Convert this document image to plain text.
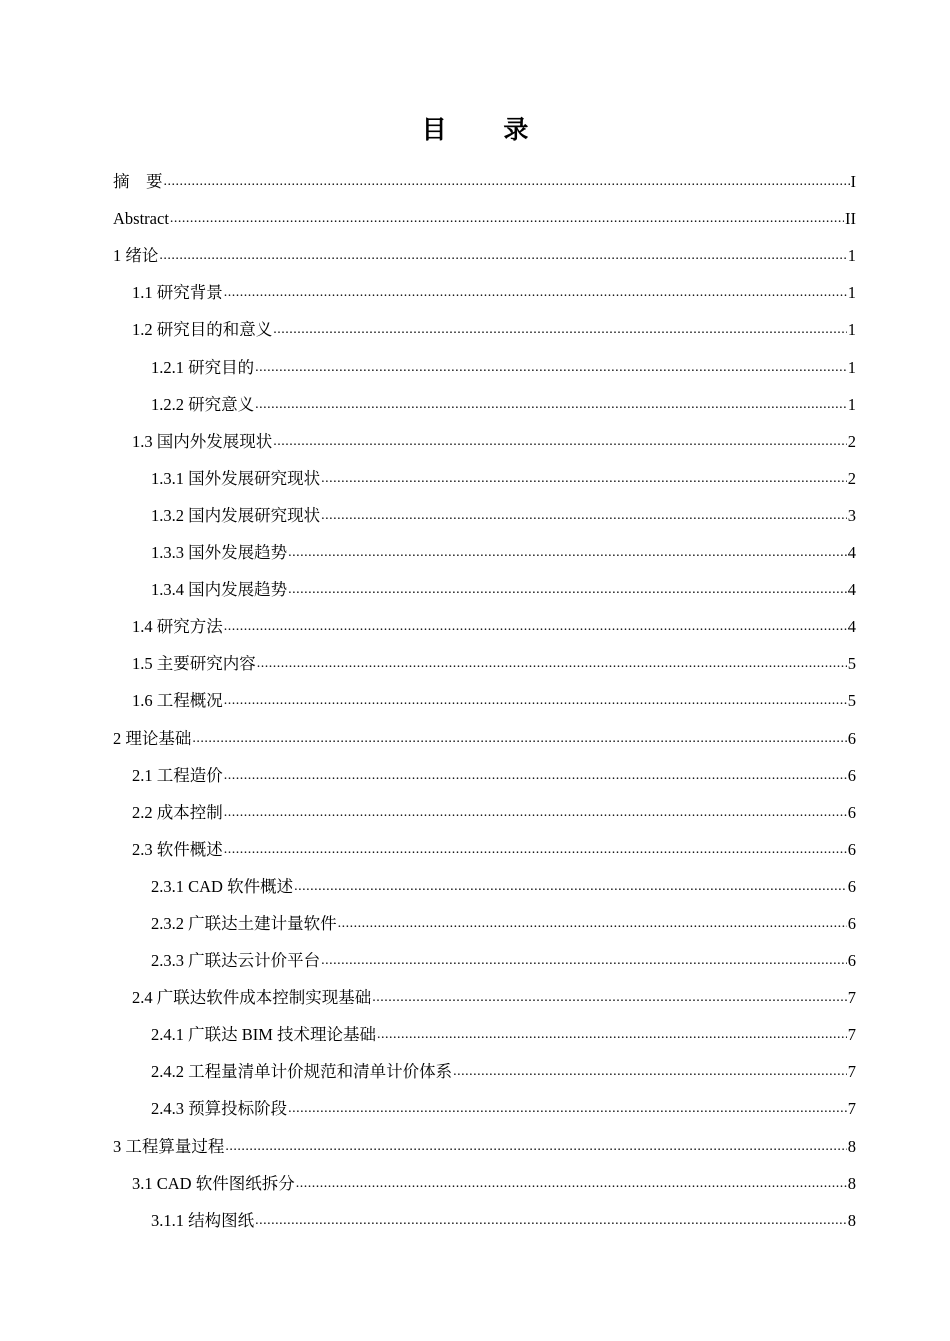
目 录
摘　要 .....	I
Abstract .....	II
1 绪论 .....	1
1.1 研究背景 .....	1
1.2 研究目的和意义 .....	1
1.2.1 研究目的 .....	1
1.2.2 研究意义 .....	1
1.3 国内外发展现状 .....	2
1.3.1 国外发展研究现状 .....	2
1.3.2 国内发展研究现状 .....	3
1.3.3 国外发展趋势 .....	4
1.3.4 国内发展趋势 .....	4
1.4 研究方法 .....	4
1.5 主要研究内容 .....	5
1.6 工程概况 .....	5
2 理论基础 .....	6
2.1 工程造价 .....	6
2.2 成本控制 .....	6
2.3 软件概述 .....	6
2.3.1 CAD 软件概述 .....	6
2.3.2 广联达土建计量软件 .....	6
2.3.3 广联达云计价平台 .....	6
2.4 广联达软件成本控制实现基础 .....	7
2.4.1 广联达 BIM 技术理论基础 .....	7
2.4.2 工程量清单计价规范和清单计价体系 .....	7
2.4.3 预算投标阶段 .....	7
3 工程算量过程 .....	8
3.1 CAD 软件图纸拆分 .....	8
3.1.1 结构图纸 .....	8
